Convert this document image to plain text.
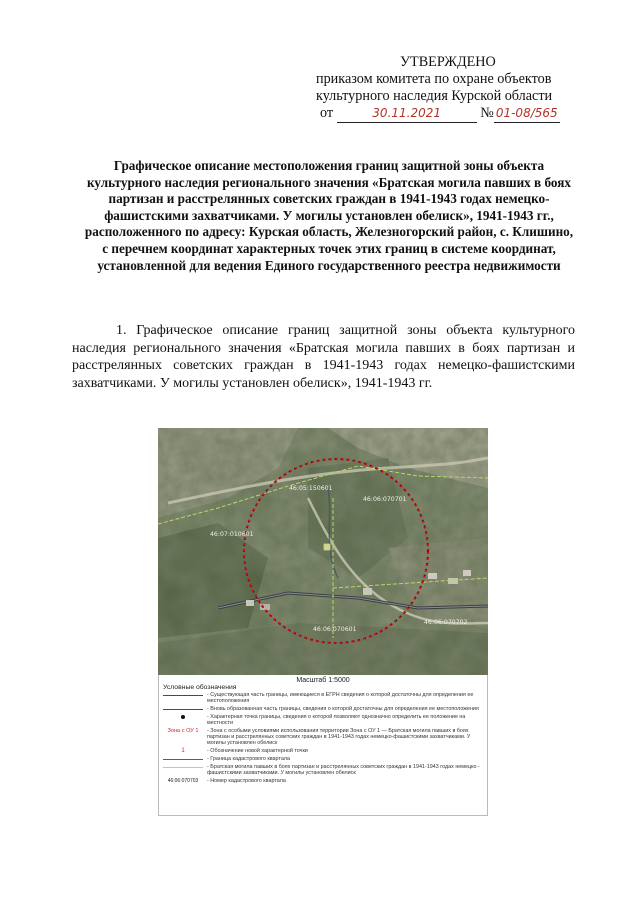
УТВЕРЖДЕНО
приказом комитета по охране объектов
культурного наследия Курской области
от	30.11.2021	№ 01-08/565
Графическое описание местоположения границ защитной зоны объекта культурного наследия регионального значения «Братская могила павших в боях партизан и расстрелянных советских граждан в 1941-1943 годах немецко-фашистскими захватчиками. У могилы установлен обелиск», 1941-1943 гг., расположенного по адресу: Курская область, Железногорский район, с. Клишино, с перечнем координат характерных точек этих границ в системе координат, установленной для ведения Единого государственного реестра недвижимости
1. Графическое описание границ защитной зоны объекта культурного наследия регионального значения «Братская могила павших в боях партизан и расстрелянных советских граждан в 1941-1943 годах немецко-фашистскими захватчиками. У могилы установлен обелиск», 1941-1943 гг.
46:05:150601
46:06:070701
46:07:010601
46:06:070601
46:06:070702
Масштаб 1:5000
Условные обозначения
- Существующая часть границы, имеющиеся в ЕГРН сведения о которой достаточны для определения ее местоположения
- Вновь образованная часть границы, сведения о которой достаточны для определения ее местоположения
- Характерная точка границы, сведения о которой позволяют однозначно определить ее положение на местности
Зона с ОУ 1 - Зона с особыми условиями использования территории Зона с ОУ 1 — Братская могила павших в боях партизан и расстрелянных советских граждан в 1941-1943 годах немецко-фашистскими захватчиками. У могилы установлен обелиск
1	- Обозначение новой характерной точки
- Граница кадастрового квартала
- Братская могила павших в боях партизан и расстрелянных советских граждан в 1941-1943 годах немецко - фашистскими захватчиками. У могилы установлен обелиск
46:06:070703 - Номер кадастрового квартала
